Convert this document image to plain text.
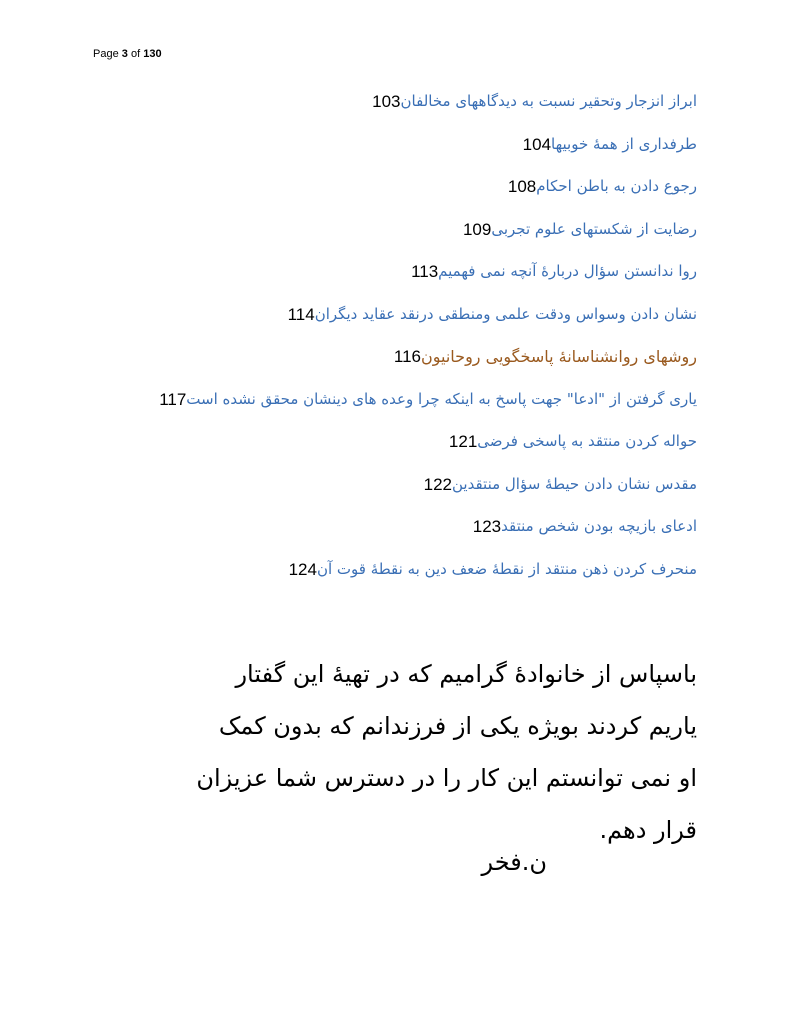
Page 3 of 130
ابراز انزجار وتحقیر نسبت به دیدگاههای مخالفان
103
طرفداری از همهٔ خوبیها
104
رجوع دادن به باطن احکام
108
رضایت از شکستهای علوم تجربی
109
روا ندانستن سؤال دربارهٔ آنچه نمی فهمیم
113
نشان دادن وسواس ودقت علمی ومنطقی درنقد عقاید دیگران
114
روشهای روانشناسانهٔ پاسخگویی روحانیون
116
یاری گرفتن از "ادعا" جهت پاسخ به اینکه چرا وعده های دینشان محقق نشده است
117
حواله کردن منتقد به پاسخی فرضی
121
مقدس نشان دادن حیطهٔ سؤال منتقدین
122
ادعای بازیچه بودن شخص منتقد
123
منحرف کردن ذهن منتقد از نقطهٔ ضعف دین به نقطهٔ قوت آن
124
باسپاس از خانوادهٔ گرامیم که در تهیهٔ این گفتار
یاریم کردند بویژه یکی از فرزندانم که بدون کمک
او نمی توانستم این کار را در دسترس شما عزیزان
قرار دهم.
ن.فخر
